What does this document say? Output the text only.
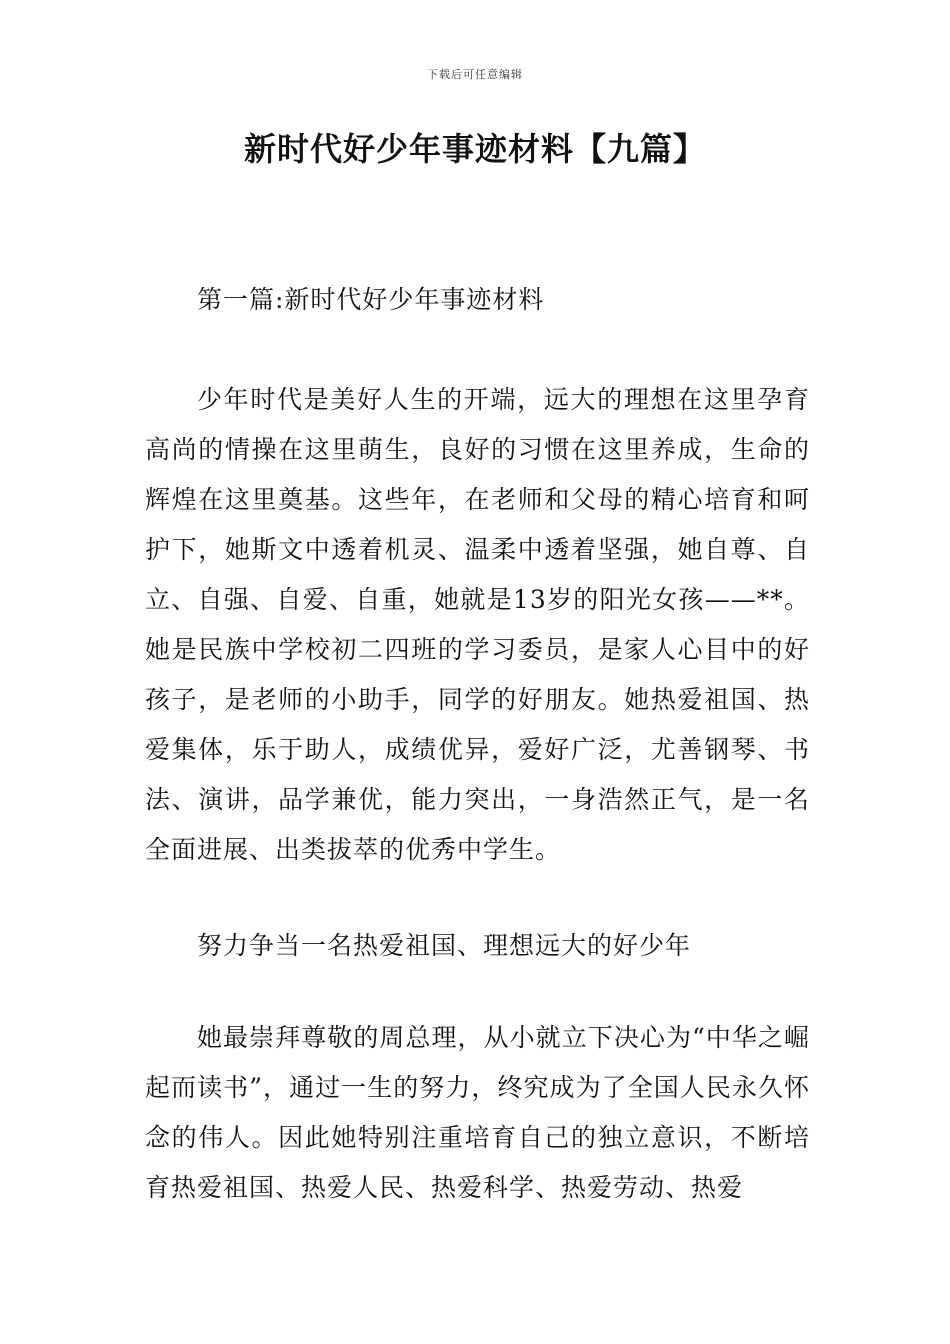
下载后可任意编辑
新时代好少年事迹材料【九篇】

第一篇:新时代好少年事迹材料

少年时代是美好人生的开端，远大的理想在这里孕育高尚的情操在这里萌生，良好的习惯在这里养成，生命的辉煌在这里奠基。这些年，在老师和父母的精心培育和呵护下，她斯文中透着机灵、温柔中透着坚强，她自尊、自立、自强、自爱、自重，她就是13岁的阳光女孩——**。她是民族中学校初二四班的学习委员，是家人心目中的好孩子，是老师的小助手，同学的好朋友。她热爱祖国、热爱集体，乐于助人，成绩优异，爱好广泛，尤善钢琴、书法、演讲，品学兼优，能力突出，一身浩然正气，是一名全面进展、出类拔萃的优秀中学生。

努力争当一名热爱祖国、理想远大的好少年

她最崇拜尊敬的周总理，从小就立下决心为“中华之崛起而读书”，通过一生的努力，终究成为了全国人民永久怀念的伟人。因此她特别注重培育自己的独立意识，不断培育热爱祖国、热爱人民、热爱科学、热爱劳动、热爱
